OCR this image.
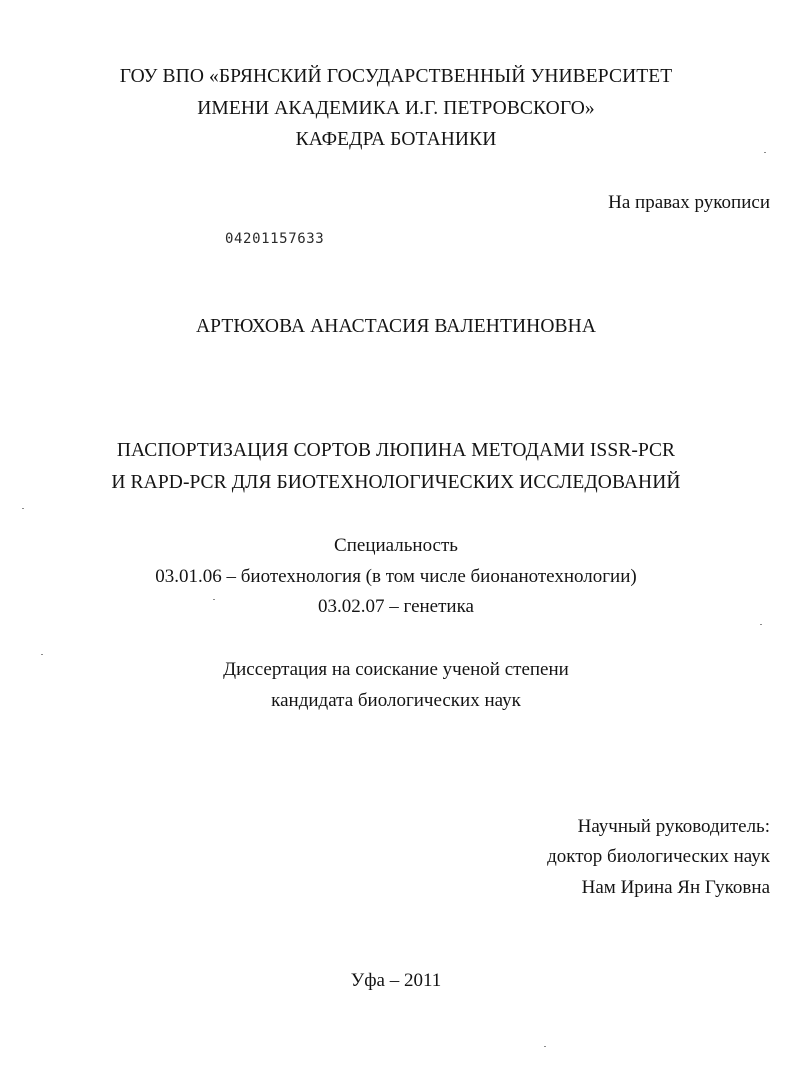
ГОУ ВПО «БРЯНСКИЙ ГОСУДАРСТВЕННЫЙ УНИВЕРСИТЕТ
ИМЕНИ АКАДЕМИКА И.Г. ПЕТРОВСКОГО»
КАФЕДРА БОТАНИКИ
На правах рукописи
04201157633
АРТЮХОВА АНАСТАСИЯ ВАЛЕНТИНОВНА
ПАСПОРТИЗАЦИЯ СОРТОВ ЛЮПИНА МЕТОДАМИ ISSR-PCR
И RAPD-PCR ДЛЯ БИОТЕХНОЛОГИЧЕСКИХ ИССЛЕДОВАНИЙ
Специальность
03.01.06 – биотехнология (в том числе бионанотехнологии)
03.02.07 – генетика
Диссертация на соискание ученой степени
кандидата биологических наук
Научный руководитель:
доктор биологических наук
Нам Ирина Ян Гуковна
Уфа – 2011
